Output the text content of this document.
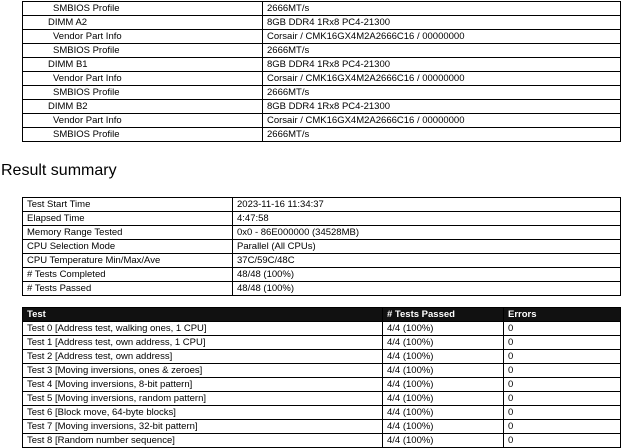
SMBIOS Profile	2666MT/s
DIMM A2	8GB DDR4 1Rx8 PC4-21300
Vendor Part Info	Corsair / CMK16GX4M2A2666C16 / 00000000
SMBIOS Profile	2666MT/s
DIMM B1	8GB DDR4 1Rx8 PC4-21300
Vendor Part Info	Corsair / CMK16GX4M2A2666C16 / 00000000
SMBIOS Profile	2666MT/s
DIMM B2	8GB DDR4 1Rx8 PC4-21300
Vendor Part Info	Corsair / CMK16GX4M2A2666C16 / 00000000
SMBIOS Profile	2666MT/s
Result summary
Test Start Time	2023-11-16 11:34:37
Elapsed Time	4:47:58
Memory Range Tested	0x0 - 86E000000 (34528MB)
CPU Selection Mode	Parallel (All CPUs)
CPU Temperature Min/Max/Ave	37C/59C/48C
# Tests Completed	48/48 (100%)
# Tests Passed	48/48 (100%)
Test	# Tests Passed	Errors
Test 0 [Address test, walking ones, 1 CPU]	4/4 (100%)	0
Test 1 [Address test, own address, 1 CPU]	4/4 (100%)	0
Test 2 [Address test, own address]	4/4 (100%)	0
Test 3 [Moving inversions, ones & zeroes]	4/4 (100%)	0
Test 4 [Moving inversions, 8-bit pattern]	4/4 (100%)	0
Test 5 [Moving inversions, random pattern]	4/4 (100%)	0
Test 6 [Block move, 64-byte blocks]	4/4 (100%)	0
Test 7 [Moving inversions, 32-bit pattern]	4/4 (100%)	0
Test 8 [Random number sequence]	4/4 (100%)	0
